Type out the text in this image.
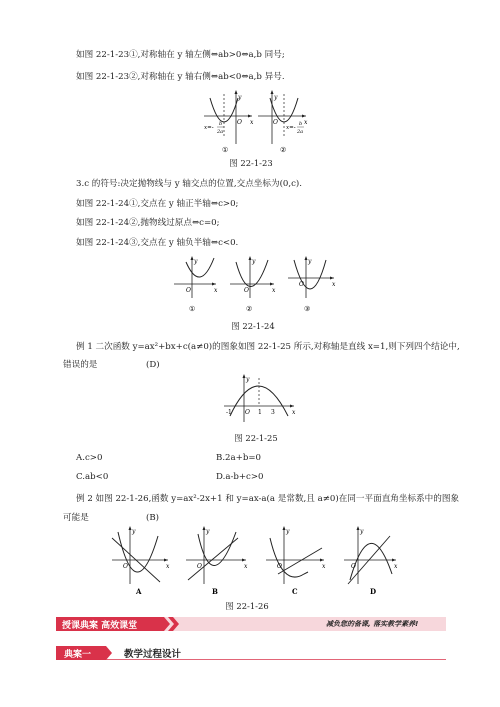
如图 22-1-23①,对称轴在 y 轴左侧⇔ab>0⇔a,b 同号;
如图 22-1-23②,对称轴在 y 轴右侧⇔ab<0⇔a,b 异号.
y
x
O
x=-
b
2a
y
x
O
x=-
b
2a
①	②
图 22-1-23
3.c 的符号:决定抛物线与 y 轴交点的位置,交点坐标为(0,c).
如图 22-1-24①,交点在 y 轴正半轴⇔c>0;
如图 22-1-24②,抛物线过原点⇔c=0;
如图 22-1-24③,交点在 y 轴负半轴⇔c<0.
y
x
O
①
y
x
O
②
y
x
O
③
图 22-1-24
例 1 二次函数 y=ax²+bx+c(a≠0)的图象如图 22-1-25 所示,对称轴是直线 x=1,则下列四个结论中,
错误的是	(D)
y
x
O
-1	1 3
图 22-1-25
A.c>0	B.2a+b=0
C.ab<0	D.a-b+c>0
例 2 如图 22-1-26,函数 y=ax²-2x+1 和 y=ax-a(a 是常数,且 a≠0)在同一平面直角坐标系中的图象
可能是	(B)
y
x
O
A
y
x
O
B
y
x
O
C
y
x
O
D
图 22-1-26
授课典案 高效课堂	减负您的备课, 落实教学素养!
典案一	教学过程设计
